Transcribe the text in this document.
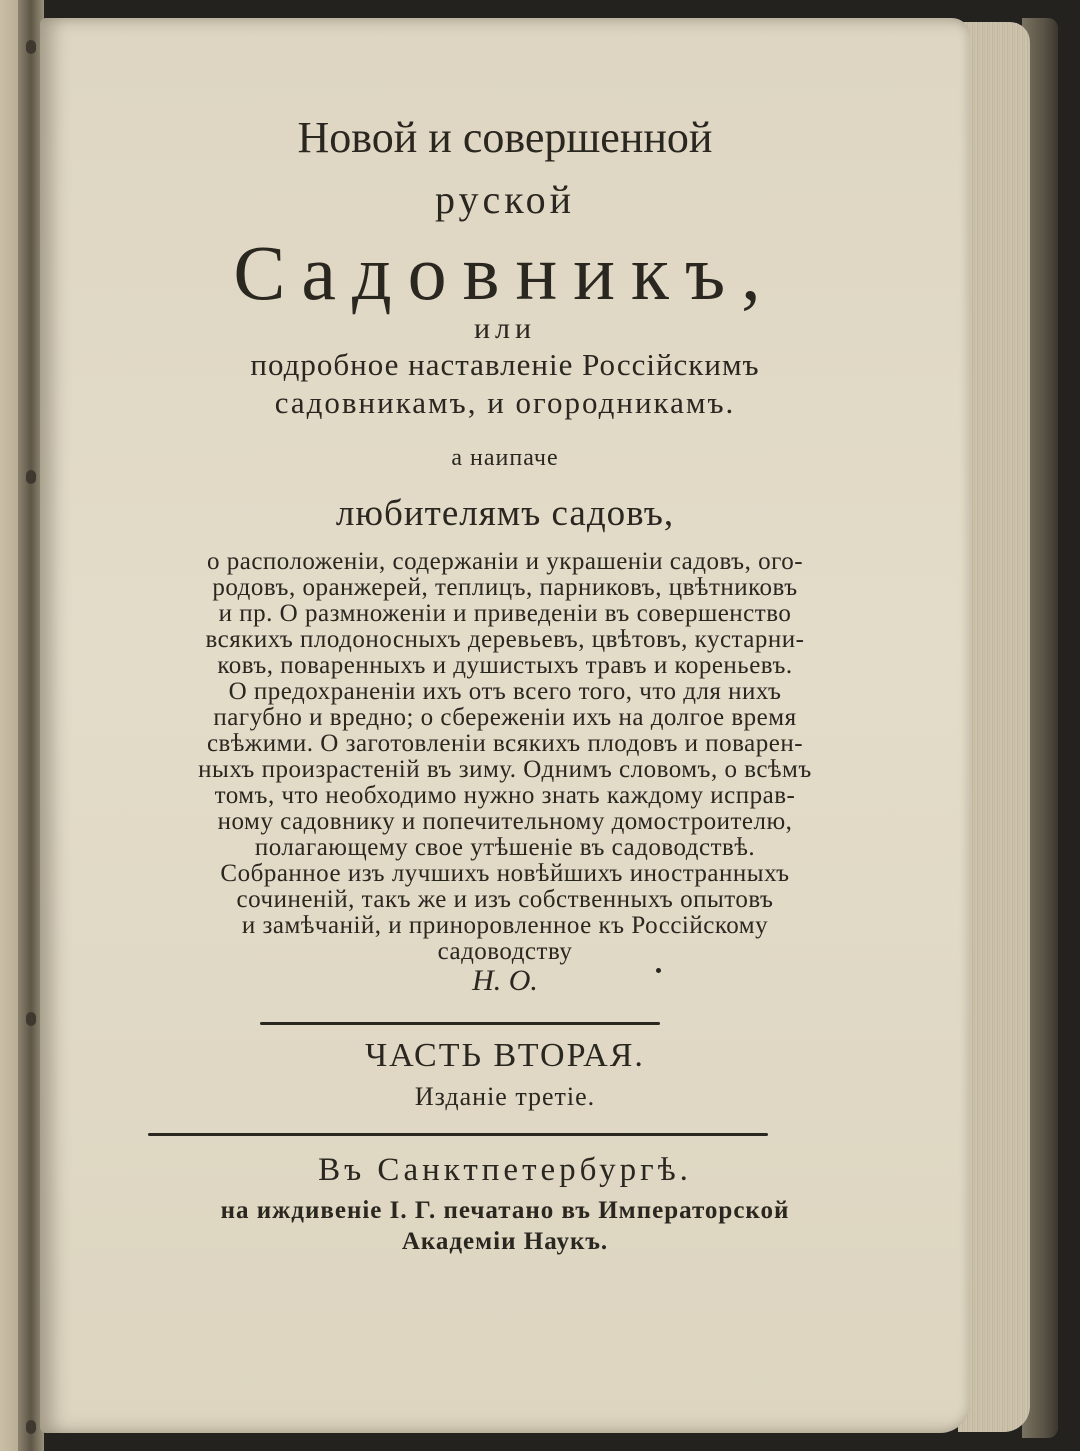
Новой и совершенной
руской
Садовникъ,
или
подробное наставленіе Россійскимъ
садовникамъ, и огородникамъ.
а наипаче
любителямъ садовъ,
о расположеніи, содержаніи и украшеніи садовъ, ого-
родовъ, оранжерей, теплицъ, парниковъ, цвѣтниковъ
и пр. О размноженіи и приведеніи въ совершенство
всякихъ плодоносныхъ деревьевъ, цвѣтовъ, кустарни-
ковъ, поваренныхъ и душистыхъ травъ и кореньевъ.
О предохраненіи ихъ отъ всего того, что для нихъ
пагубно и вредно; о сбереженіи ихъ на долгое время
свѣжими. О заготовленіи всякихъ плодовъ и поварен-
ныхъ произрастеній въ зиму. Однимъ словомъ, о всѣмъ
томъ, что необходимо нужно знать каждому исправ-
ному садовнику и попечительному домостроителю,
полагающему свое утѣшеніе въ садоводствѣ.
Собранное изъ лучшихъ новѣйшихъ иностранныхъ
сочиненій, такъ же и изъ собственныхъ опытовъ
и замѣчаній, и приноровленное къ Россійскому
садоводству
Н. О.
ЧАСТЬ ВТОРАЯ.
Изданіе третіе.
Въ Санктпетербургѣ.
на иждивеніе І. Г. печатано въ Императорской
Академіи Наукъ.
